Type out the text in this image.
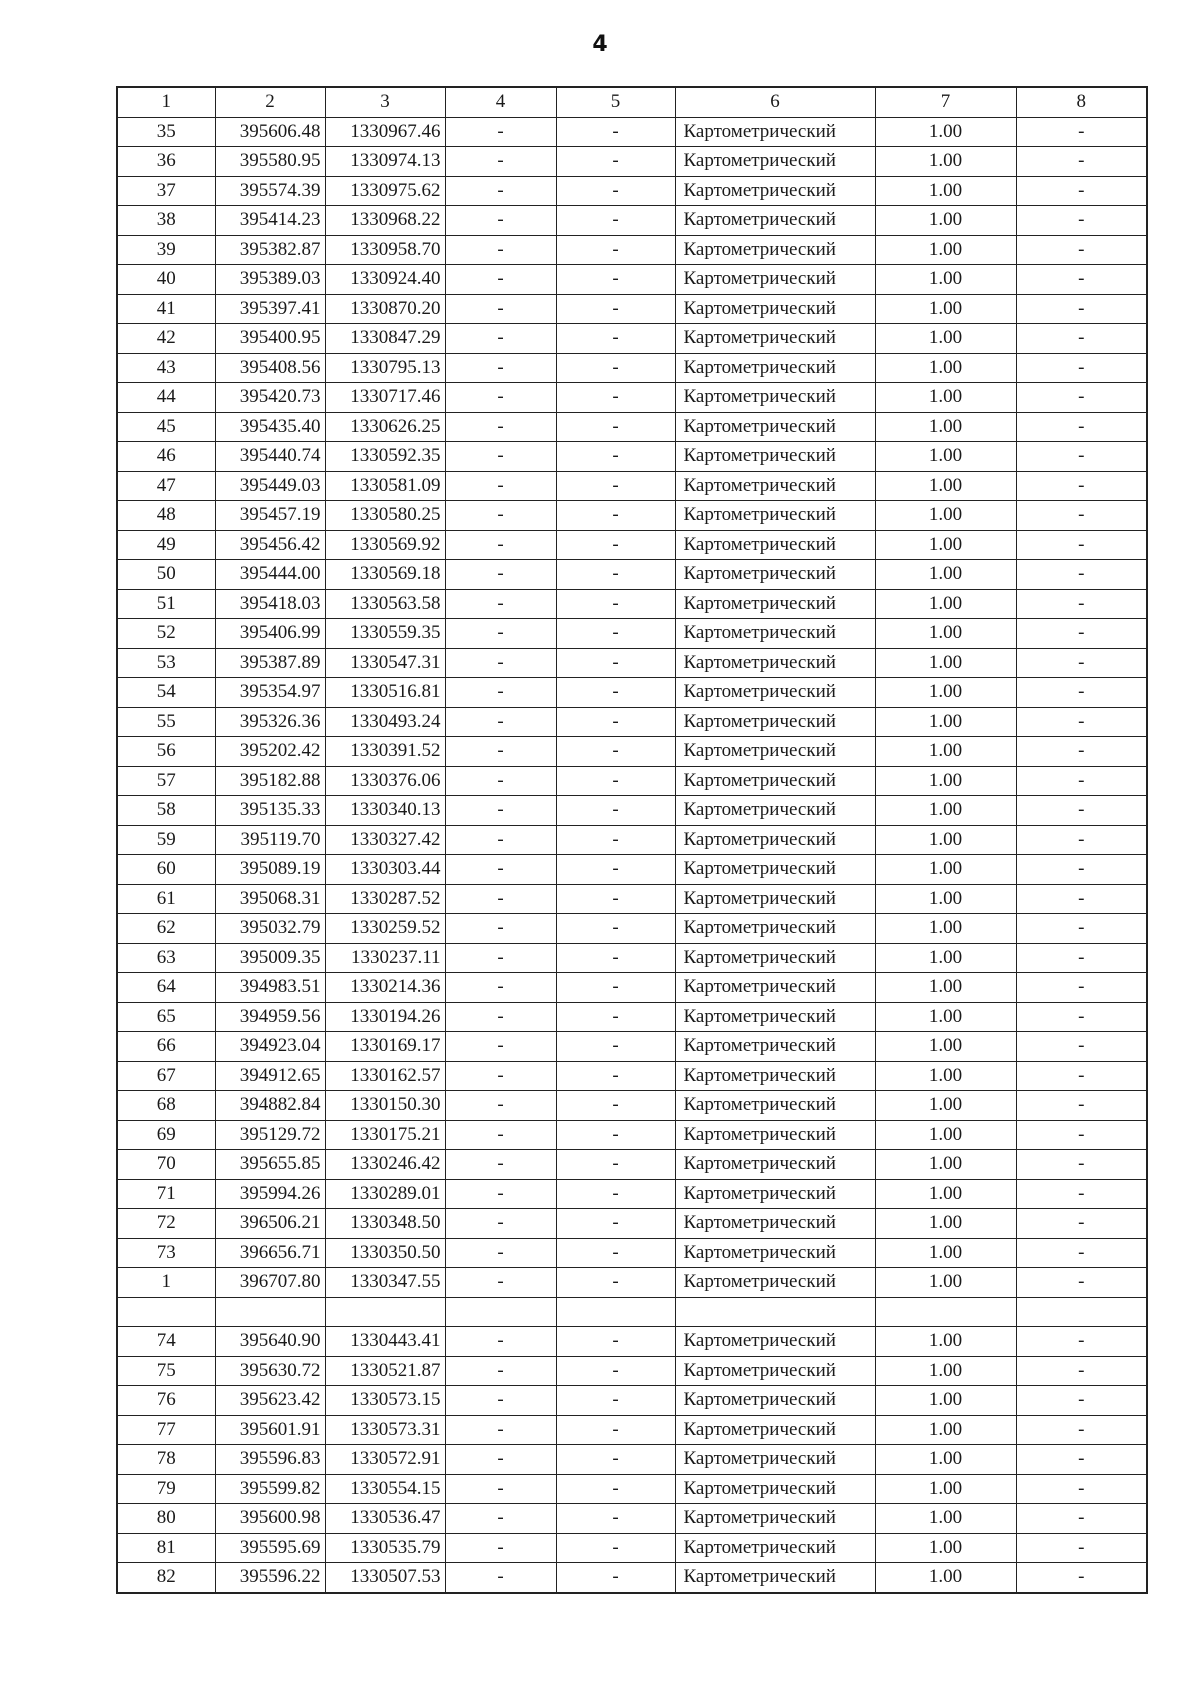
4
1	2	3	4	5	6	7	8
35	395606.48	1330967.46	-	-	Картометрический	1.00	-
36	395580.95	1330974.13	-	-	Картометрический	1.00	-
37	395574.39	1330975.62	-	-	Картометрический	1.00	-
38	395414.23	1330968.22	-	-	Картометрический	1.00	-
39	395382.87	1330958.70	-	-	Картометрический	1.00	-
40	395389.03	1330924.40	-	-	Картометрический	1.00	-
41	395397.41	1330870.20	-	-	Картометрический	1.00	-
42	395400.95	1330847.29	-	-	Картометрический	1.00	-
43	395408.56	1330795.13	-	-	Картометрический	1.00	-
44	395420.73	1330717.46	-	-	Картометрический	1.00	-
45	395435.40	1330626.25	-	-	Картометрический	1.00	-
46	395440.74	1330592.35	-	-	Картометрический	1.00	-
47	395449.03	1330581.09	-	-	Картометрический	1.00	-
48	395457.19	1330580.25	-	-	Картометрический	1.00	-
49	395456.42	1330569.92	-	-	Картометрический	1.00	-
50	395444.00	1330569.18	-	-	Картометрический	1.00	-
51	395418.03	1330563.58	-	-	Картометрический	1.00	-
52	395406.99	1330559.35	-	-	Картометрический	1.00	-
53	395387.89	1330547.31	-	-	Картометрический	1.00	-
54	395354.97	1330516.81	-	-	Картометрический	1.00	-
55	395326.36	1330493.24	-	-	Картометрический	1.00	-
56	395202.42	1330391.52	-	-	Картометрический	1.00	-
57	395182.88	1330376.06	-	-	Картометрический	1.00	-
58	395135.33	1330340.13	-	-	Картометрический	1.00	-
59	395119.70	1330327.42	-	-	Картометрический	1.00	-
60	395089.19	1330303.44	-	-	Картометрический	1.00	-
61	395068.31	1330287.52	-	-	Картометрический	1.00	-
62	395032.79	1330259.52	-	-	Картометрический	1.00	-
63	395009.35	1330237.11	-	-	Картометрический	1.00	-
64	394983.51	1330214.36	-	-	Картометрический	1.00	-
65	394959.56	1330194.26	-	-	Картометрический	1.00	-
66	394923.04	1330169.17	-	-	Картометрический	1.00	-
67	394912.65	1330162.57	-	-	Картометрический	1.00	-
68	394882.84	1330150.30	-	-	Картометрический	1.00	-
69	395129.72	1330175.21	-	-	Картометрический	1.00	-
70	395655.85	1330246.42	-	-	Картометрический	1.00	-
71	395994.26	1330289.01	-	-	Картометрический	1.00	-
72	396506.21	1330348.50	-	-	Картометрический	1.00	-
73	396656.71	1330350.50	-	-	Картометрический	1.00	-
1	396707.80	1330347.55	-	-	Картометрический	1.00	-

74	395640.90	1330443.41	-	-	Картометрический	1.00	-
75	395630.72	1330521.87	-	-	Картометрический	1.00	-
76	395623.42	1330573.15	-	-	Картометрический	1.00	-
77	395601.91	1330573.31	-	-	Картометрический	1.00	-
78	395596.83	1330572.91	-	-	Картометрический	1.00	-
79	395599.82	1330554.15	-	-	Картометрический	1.00	-
80	395600.98	1330536.47	-	-	Картометрический	1.00	-
81	395595.69	1330535.79	-	-	Картометрический	1.00	-
82	395596.22	1330507.53	-	-	Картометрический	1.00	-
